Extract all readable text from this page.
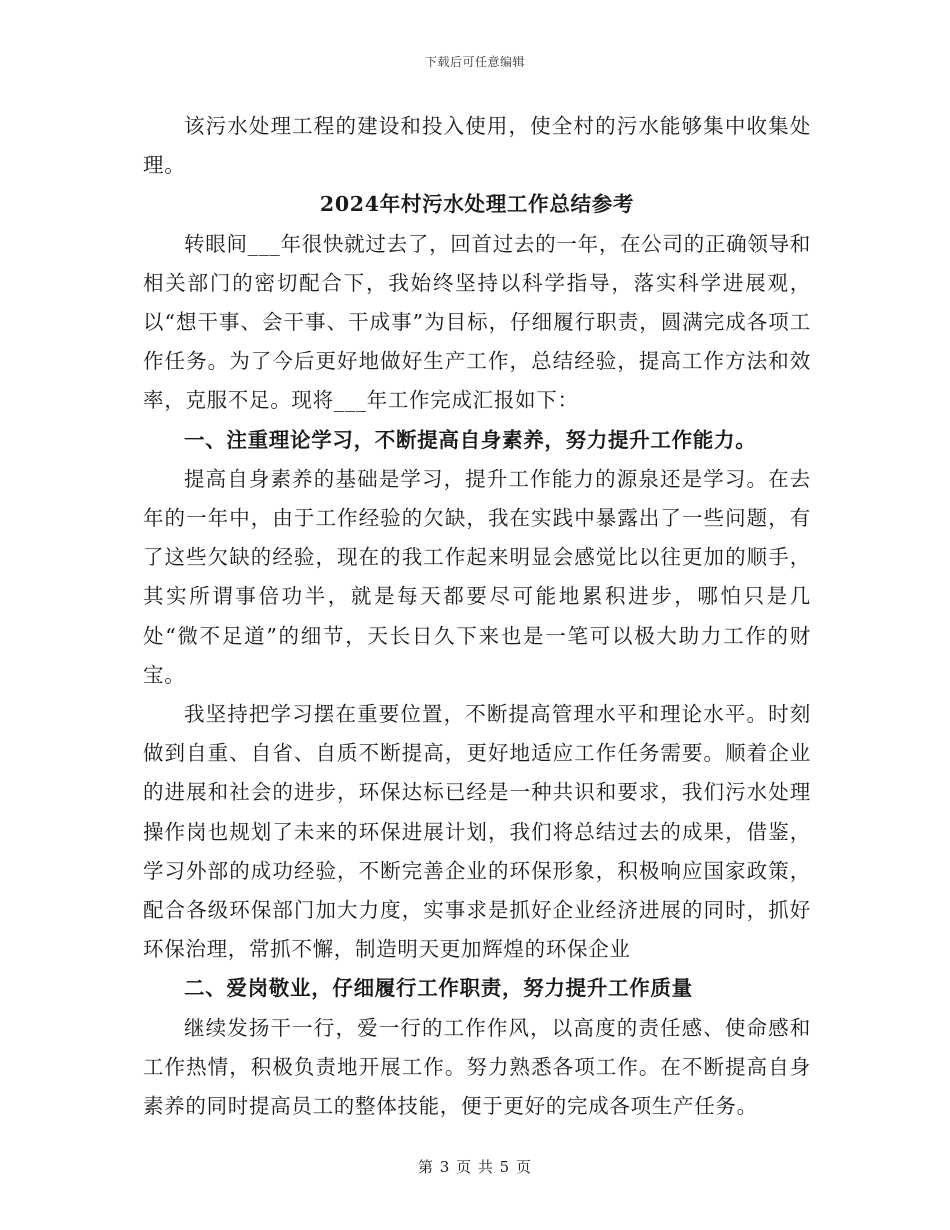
下载后可任意编辑

该污水处理工程的建设和投入使用，使全村的污水能够集中收集处理。

2024年村污水处理工作总结参考

转眼间___年很快就过去了，回首过去的一年，在公司的正确领导和相关部门的密切配合下，我始终坚持以科学指导，落实科学进展观，以“想干事、会干事、干成事”为目标，仔细履行职责，圆满完成各项工作任务。为了今后更好地做好生产工作，总结经验，提高工作方法和效率，克服不足。现将___年工作完成汇报如下：

一、注重理论学习，不断提高自身素养，努力提升工作能力。

提高自身素养的基础是学习，提升工作能力的源泉还是学习。在去年的一年中，由于工作经验的欠缺，我在实践中暴露出了一些问题，有了这些欠缺的经验，现在的我工作起来明显会感觉比以往更加的顺手，其实所谓事倍功半，就是每天都要尽可能地累积进步，哪怕只是几处“微不足道”的细节，天长日久下来也是一笔可以极大助力工作的财宝。

我坚持把学习摆在重要位置，不断提高管理水平和理论水平。时刻做到自重、自省、自质不断提高，更好地适应工作任务需要。顺着企业的进展和社会的进步，环保达标已经是一种共识和要求，我们污水处理操作岗也规划了未来的环保进展计划，我们将总结过去的成果，借鉴，学习外部的成功经验，不断完善企业的环保形象，积极响应国家政策，配合各级环保部门加大力度，实事求是抓好企业经济进展的同时，抓好环保治理，常抓不懈，制造明天更加辉煌的环保企业

二、爱岗敬业，仔细履行工作职责，努力提升工作质量

继续发扬干一行，爱一行的工作作风，以高度的责任感、使命感和工作热情，积极负责地开展工作。努力熟悉各项工作。在不断提高自身素养的同时提高员工的整体技能，便于更好的完成各项生产任务。

第 3 页 共 5 页
